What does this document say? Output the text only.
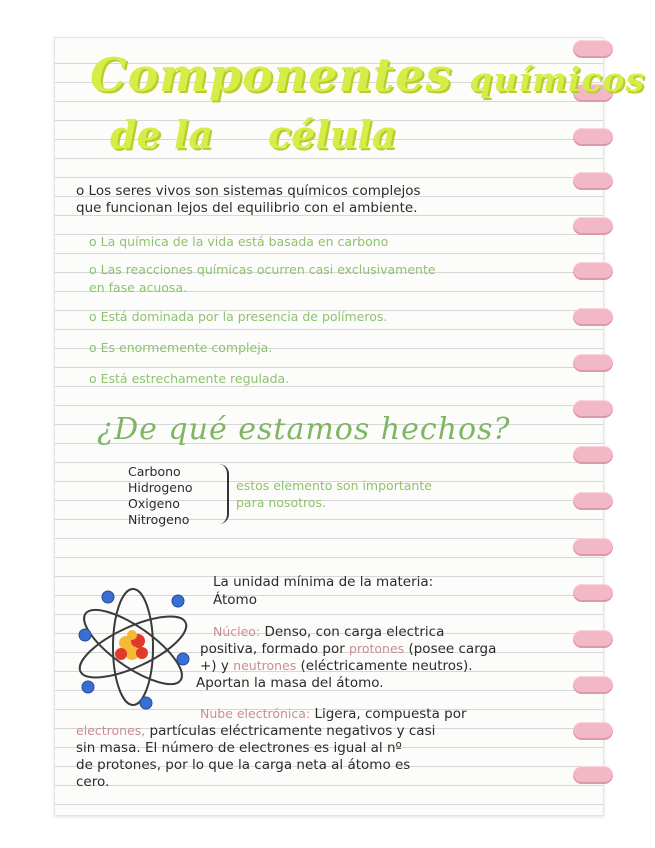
Componentes químicos
de la célula
o Los seres vivos son sistemas químicos complejos
que funcionan lejos del equilibrio con el ambiente.
o La química de la vida está basada en carbono
o Las reacciones químicas ocurren casi exclusivamente
en fase acuosa.
o Está dominada por la presencia de polímeros.
o Es enormemente compleja.
o Está estrechamente regulada.
¿De qué estamos hechos?
Carbono
Hidrogeno
Oxigeno
Nitrogeno
estos elemento son importante
para nosotros.
La unidad mínima de la materia:
Átomo
Núcleo: Denso, con carga electrica
positiva, formado por protones (posee carga
+) y neutrones (eléctricamente neutros).
Aportan la masa del átomo.
Nube electrónica: Ligera, compuesta por
electrones, partículas eléctricamente negativos y casi
sin masa. El número de electrones es igual al nº
de protones, por lo que la carga neta al átomo es
cero.
